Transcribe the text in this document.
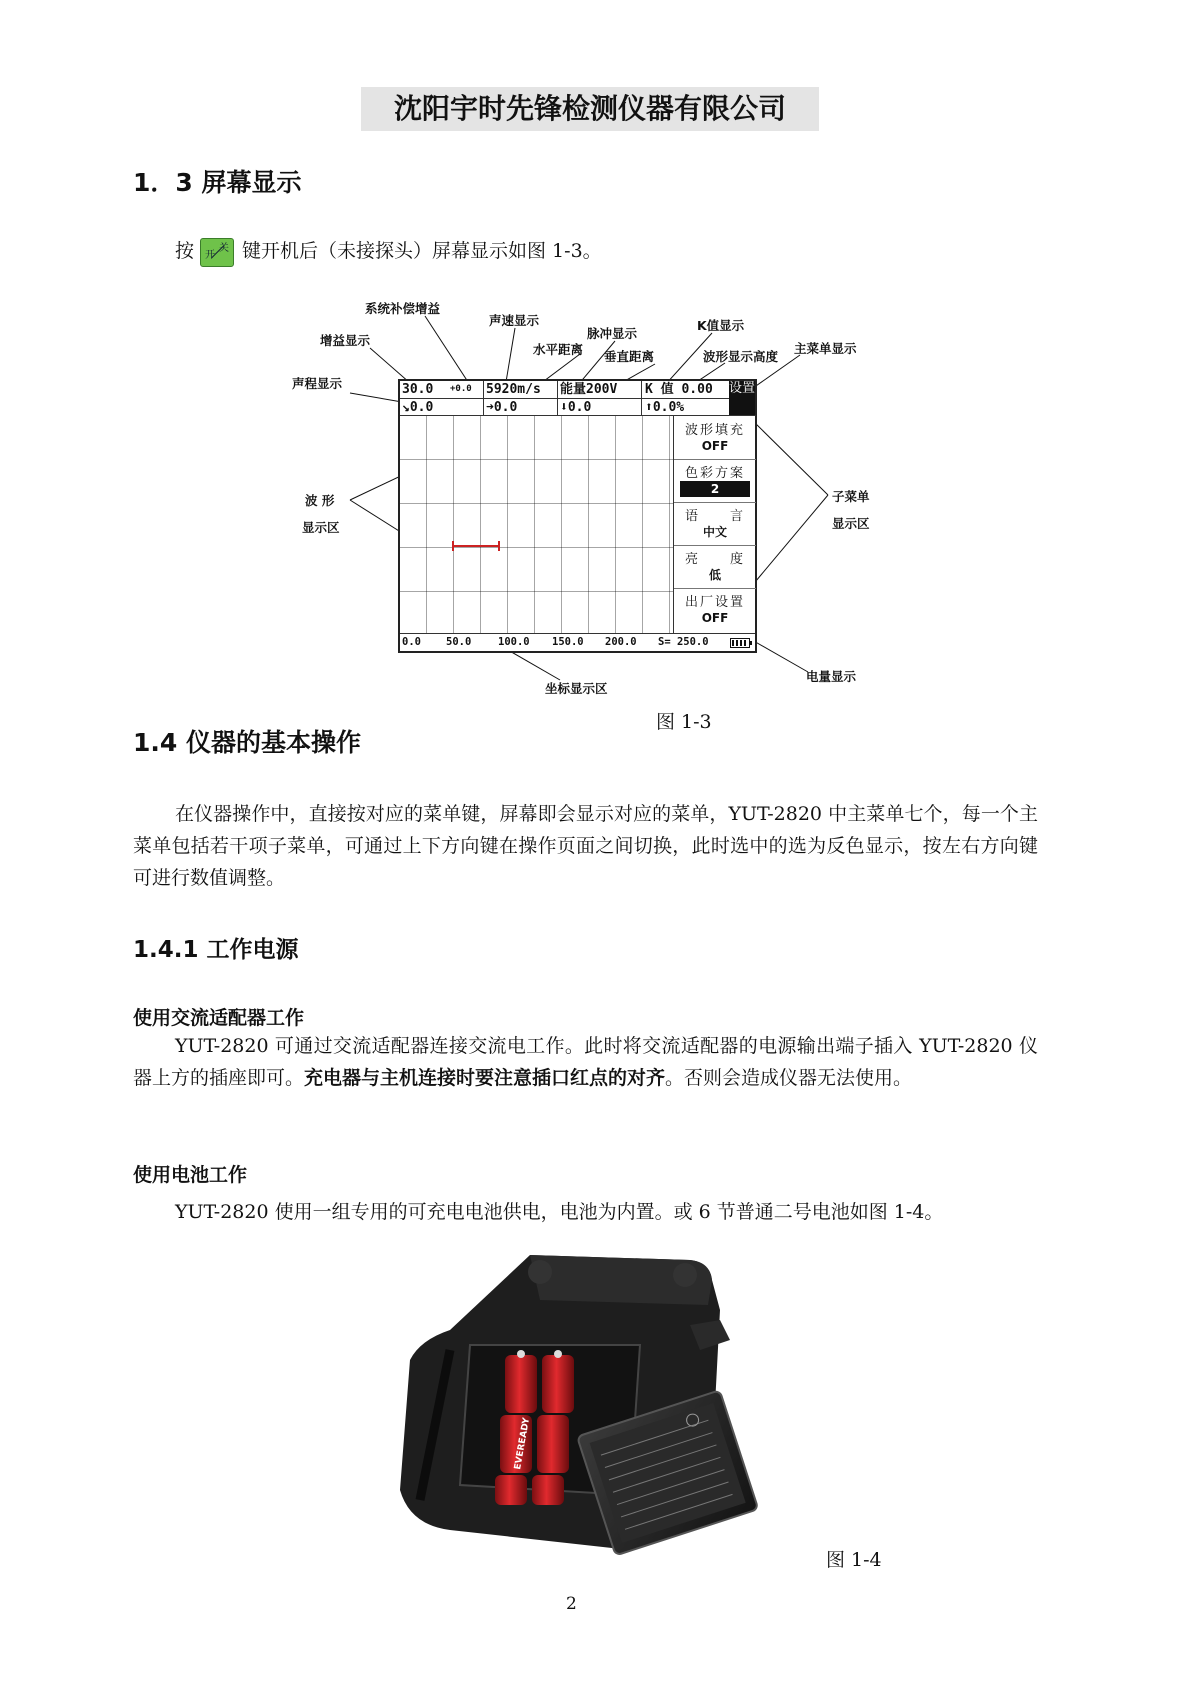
沈阳宇时先锋检测仪器有限公司
1．3 屏幕显示
按 开
关 键开机后（未接探头）屏幕显示如图 1-3。
系统补偿增益
增益显示
声速显示
脉冲显示
水平距离 垂直距离
K值显示
波形显示高度
主菜单显示
声程显示
波 形
显示区
子菜单
显示区
坐标显示区
电量显示
30.0 +0.0 5920m/s 能量200V K 值 0.00
↘0.0	➜0.0	⬇0.0	⬆0.0%
设置
波形填充
OFF
色彩方案
2
语　　言
中文
亮　　度
低
出厂设置
OFF
0.0 50.0	100.0 150.0 200.0 S= 250.0
图 1-3
1.4 仪器的基本操作
在仪器操作中，直接按对应的菜单键，屏幕即会显示对应的菜单，YUT-2820 中主菜单七个，每一个主菜单包括若干项子菜单，可通过上下方向键在操作页面之间切换，此时选中的选为反色显示，按左右方向键可进行数值调整。
1.4.1 工作电源
使用交流适配器工作
YUT-2820 可通过交流适配器连接交流电工作。此时将交流适配器的电源输出端子插入 YUT-2820 仪器上方的插座即可。充电器与主机连接时要注意插口红点的对齐。否则会造成仪器无法使用。
使用电池工作
YUT-2820 使用一组专用的可充电电池供电，电池为内置。或 6 节普通二号电池如图 1-4。
EVEREADY
图 1-4
2
